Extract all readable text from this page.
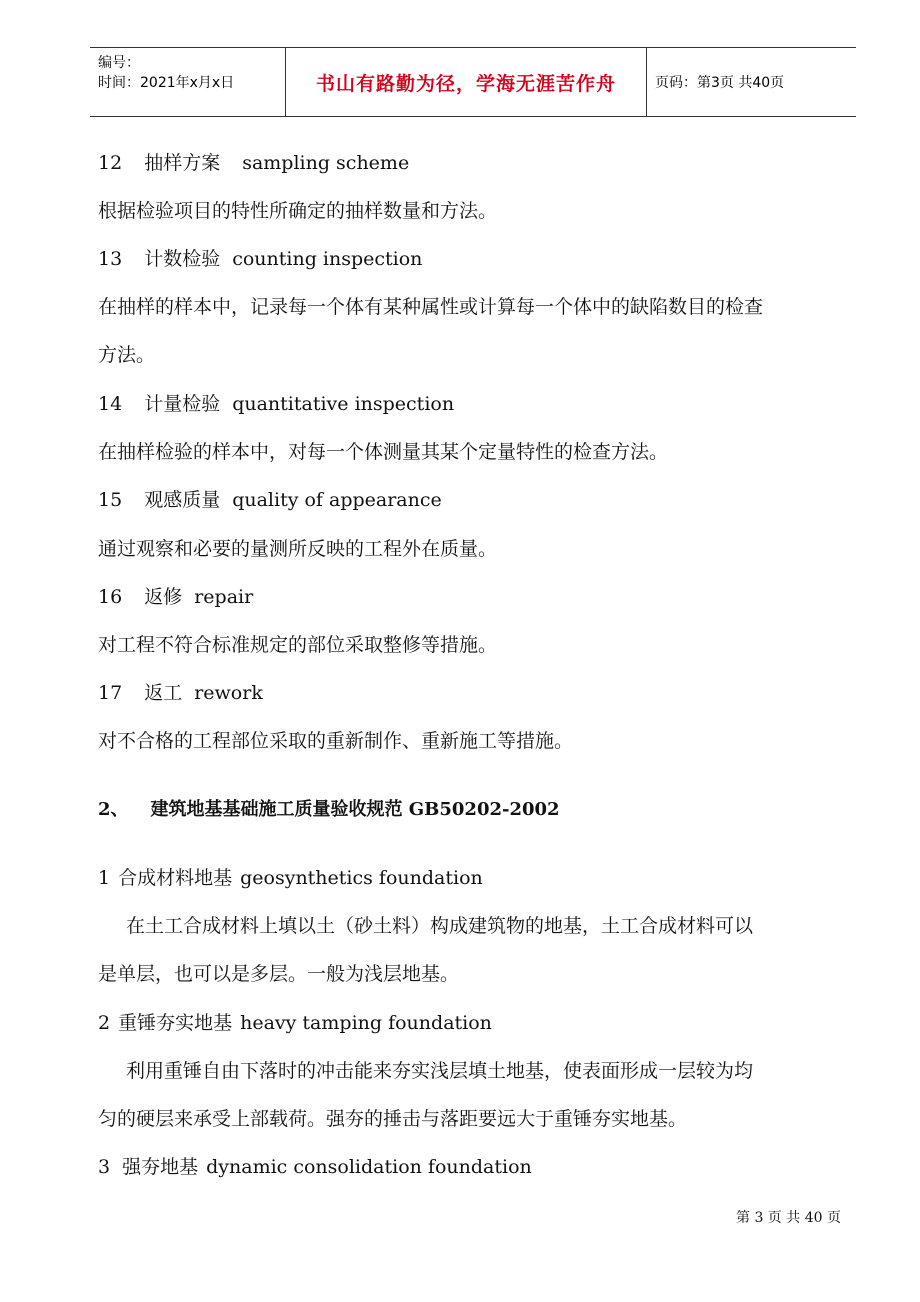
编号：
时间：2021年x月x日	书山有路勤为径，学海无涯苦作舟	页码：第3页 共40页
12 抽样方案 sampling scheme
根据检验项目的特性所确定的抽样数量和方法。
13 计数检验 counting inspection
在抽样的样本中，记录每一个体有某种属性或计算每一个体中的缺陷数目的检查
方法。
14 计量检验 quantitative inspection
在抽样检验的样本中，对每一个体测量其某个定量特性的检查方法。
15 观感质量 quality of appearance
通过观察和必要的量测所反映的工程外在质量。
16 返修 repair
对工程不符合标准规定的部位采取整修等措施。
17 返工 rework
对不合格的工程部位采取的重新制作、重新施工等措施。
2、 建筑地基基础施工质量验收规范 GB50202-2002
1 合成材料地基 geosynthetics foundation
在土工合成材料上填以土（砂土料）构成建筑物的地基，土工合成材料可以
是单层，也可以是多层。一般为浅层地基。
2 重锤夯实地基 heavy tamping foundation
利用重锤自由下落时的冲击能来夯实浅层填土地基，使表面形成一层较为均
匀的硬层来承受上部载荷。强夯的捶击与落距要远大于重锤夯实地基。
3 强夯地基 dynamic consolidation foundation
第 3 页 共 40 页
